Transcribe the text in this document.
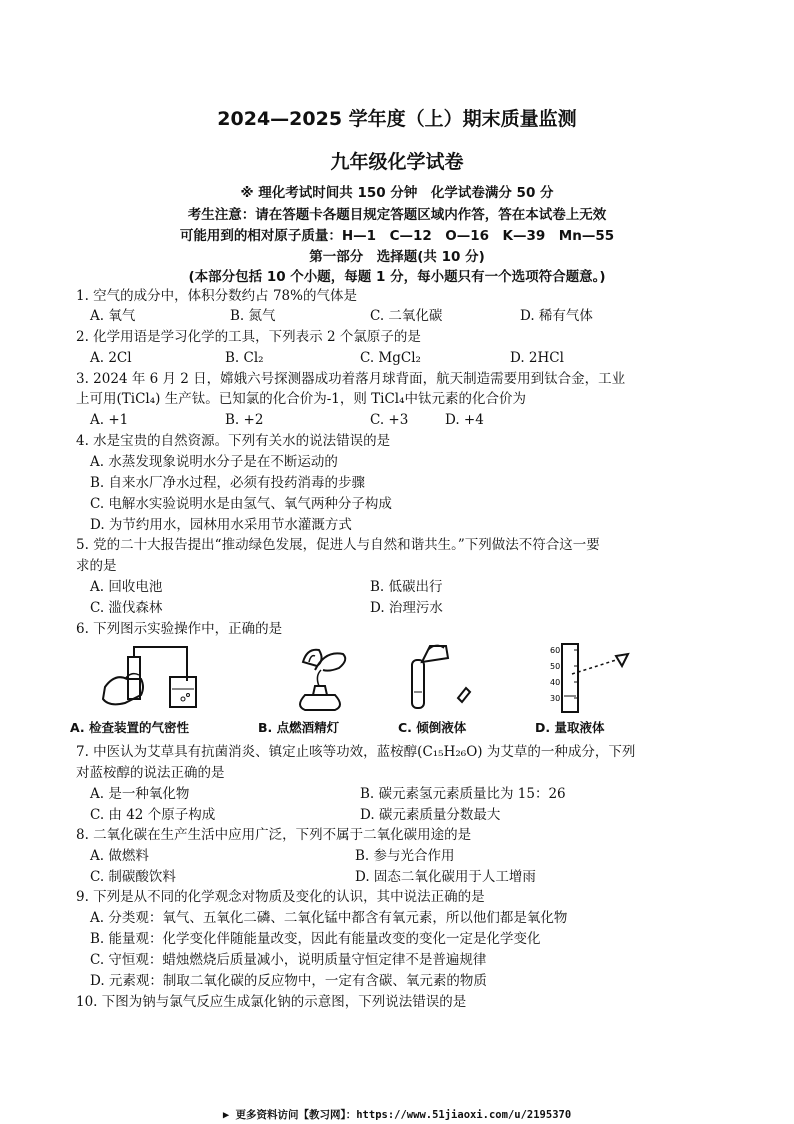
2024—2025 学年度（上）期末质量监测
九年级化学试卷
※ 理化考试时间共 150 分钟　化学试卷满分 50 分
考生注意：请在答题卡各题目规定答题区域内作答，答在本试卷上无效
可能用到的相对原子质量：H—1　C—12　O—16　K—39　Mn—55
第一部分　选择题(共 10 分)
(本部分包括 10 个小题，每题 1 分，每小题只有一个选项符合题意。)
1. 空气的成分中，体积分数约占 78%的气体是
A. 氧气	B. 氮气	C. 二氧化碳	D. 稀有气体
2. 化学用语是学习化学的工具，下列表示 2 个氯原子的是
A. 2Cl	B. Cl₂	C. MgCl₂	D. 2HCl
3. 2024 年 6 月 2 日，嫦娥六号探测器成功着落月球背面，航天制造需要用到钛合金，工业
上可用(TiCl₄) 生产钛。已知氯的化合价为-1，则 TiCl₄中钛元素的化合价为
A. +1	B. +2	C. +3	D. +4
4. 水是宝贵的自然资源。下列有关水的说法错误的是
A. 水蒸发现象说明水分子是在不断运动的
B. 自来水厂净水过程，必须有投药消毒的步骤
C. 电解水实验说明水是由氢气、氧气两种分子构成
D. 为节约用水，园林用水采用节水灌溉方式
5. 党的二十大报告提出“推动绿色发展，促进人与自然和谐共生。”下列做法不符合这一要
求的是
A. 回收电池	B. 低碳出行
C. 滥伐森林	D. 治理污水
6. 下列图示实验操作中，正确的是
A. 检查装置的气密性	B. 点燃酒精灯	C. 倾倒液体
60
50
40
30
D. 量取液体
7. 中医认为艾草具有抗菌消炎、镇定止咳等功效，蓝桉醇(C₁₅H₂₆O) 为艾草的一种成分，下列
对蓝桉醇的说法正确的是
A. 是一种氧化物	B. 碳元素氢元素质量比为 15：26
C. 由 42 个原子构成	D. 碳元素质量分数最大
8. 二氧化碳在生产生活中应用广泛，下列不属于二氧化碳用途的是
A. 做燃料	B. 参与光合作用
C. 制碳酸饮料	D. 固态二氧化碳用于人工增雨
9. 下列是从不同的化学观念对物质及变化的认识，其中说法正确的是
A. 分类观：氧气、五氧化二磷、二氧化锰中都含有氧元素，所以他们都是氧化物
B. 能量观：化学变化伴随能量改变，因此有能量改变的变化一定是化学变化
C. 守恒观：蜡烛燃烧后质量减小，说明质量守恒定律不是普遍规律
D. 元素观：制取二氧化碳的反应物中，一定有含碳、氧元素的物质
10. 下图为钠与氯气反应生成氯化钠的示意图，下列说法错误的是
▶ 更多资料访问【教习网】：https://www.51jiaoxi.com/u/2195370
